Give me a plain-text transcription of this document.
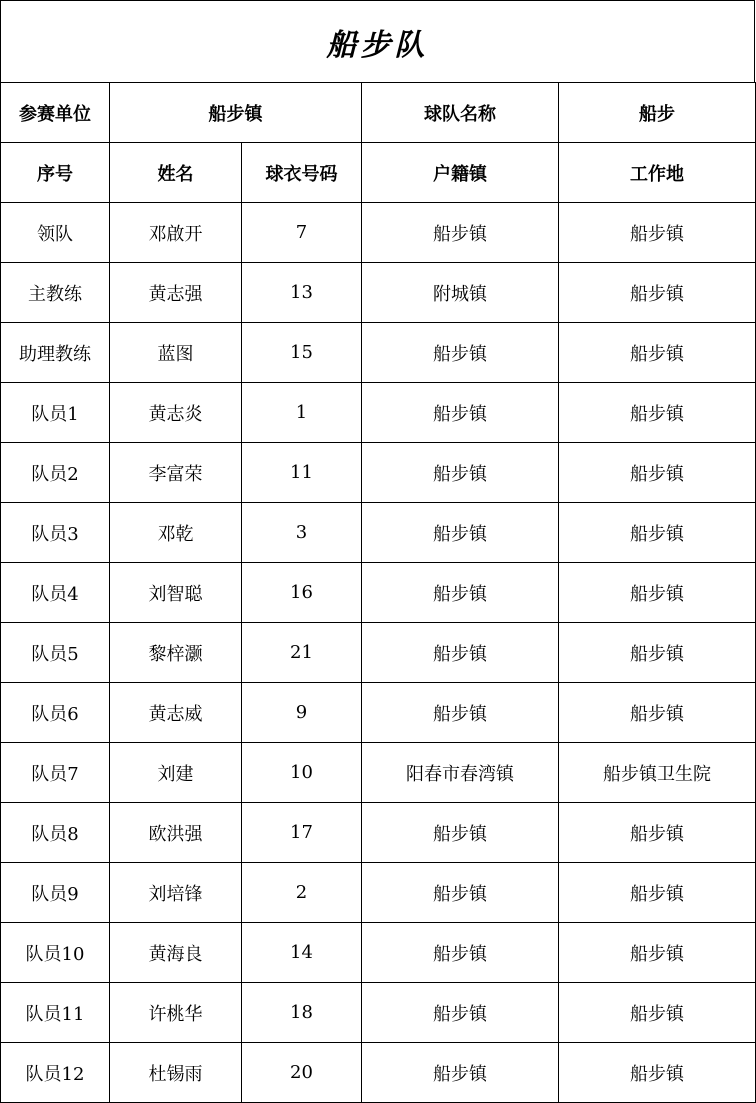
船步队
参赛单位	船步镇		球队名称	船步
序号	姓名	球衣号码	户籍镇	工作地
领队	邓啟开	7	船步镇	船步镇
主教练	黄志强	13	附城镇	船步镇
助理教练	蓝图	15	船步镇	船步镇
队员1	黄志炎	1	船步镇	船步镇
队员2	李富荣	11	船步镇	船步镇
队员3	邓乾	3	船步镇	船步镇
队员4	刘智聪	16	船步镇	船步镇
队员5	黎梓灏	21	船步镇	船步镇
队员6	黄志威	9	船步镇	船步镇
队员7	刘建	10	阳春市春湾镇	船步镇卫生院
队员8	欧洪强	17	船步镇	船步镇
队员9	刘培锋	2	船步镇	船步镇
队员10	黄海良	14	船步镇	船步镇
队员11	许桃华	18	船步镇	船步镇
队员12	杜锡雨	20	船步镇	船步镇
